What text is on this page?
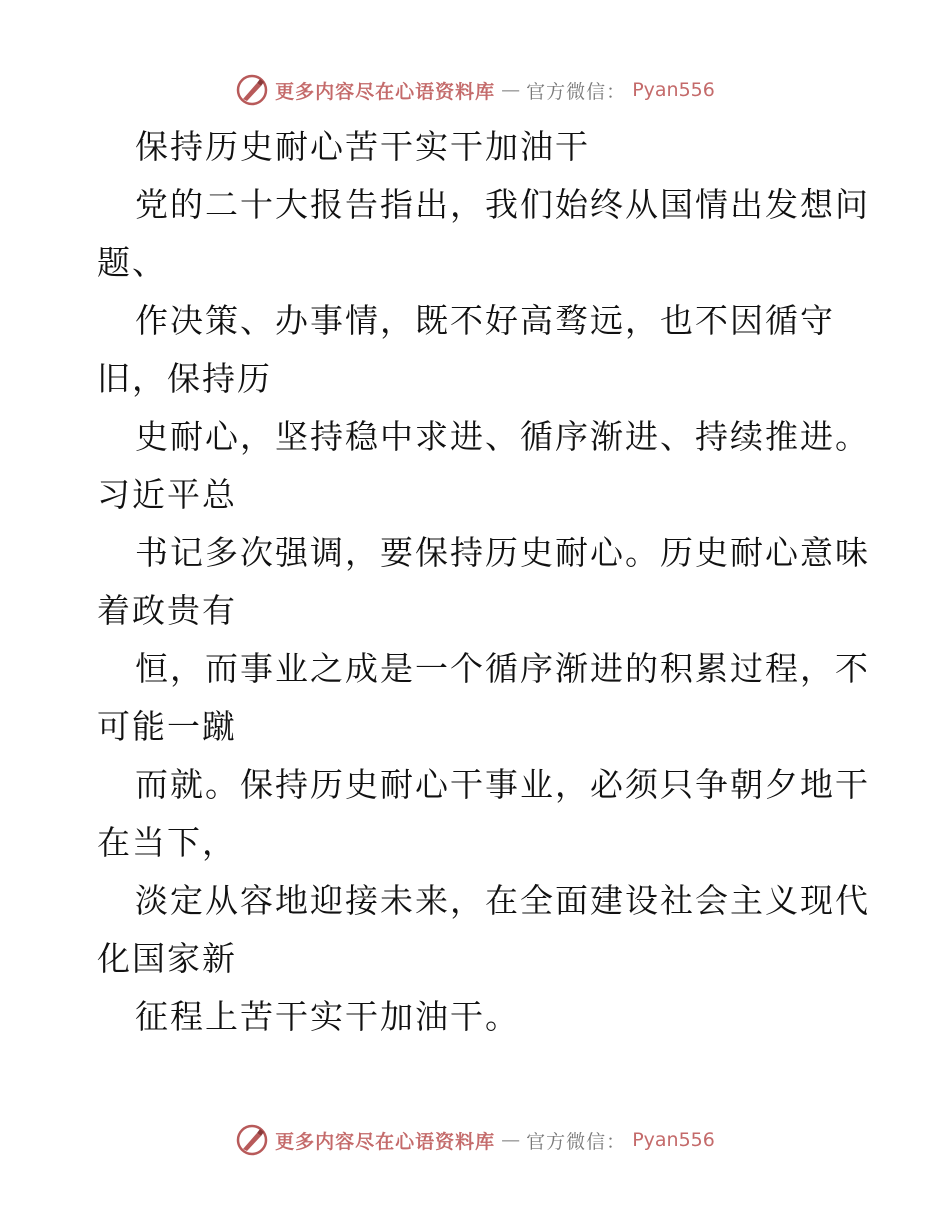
更多内容尽在心语资料库 — 官方微信： Pyan556
保持历史耐心苦干实干加油干
党的二十大报告指出，我们始终从国情出发想问
题、
作决策、办事情，既不好高骛远，也不因循守
旧，保持历
史耐心，坚持稳中求进、循序渐进、持续推进。
习近平总
书记多次强调，要保持历史耐心。历史耐心意味
着政贵有
恒，而事业之成是一个循序渐进的积累过程，不
可能一蹴
而就。保持历史耐心干事业，必须只争朝夕地干
在当下，
淡定从容地迎接未来，在全面建设社会主义现代
化国家新
征程上苦干实干加油干。
更多内容尽在心语资料库 — 官方微信： Pyan556
